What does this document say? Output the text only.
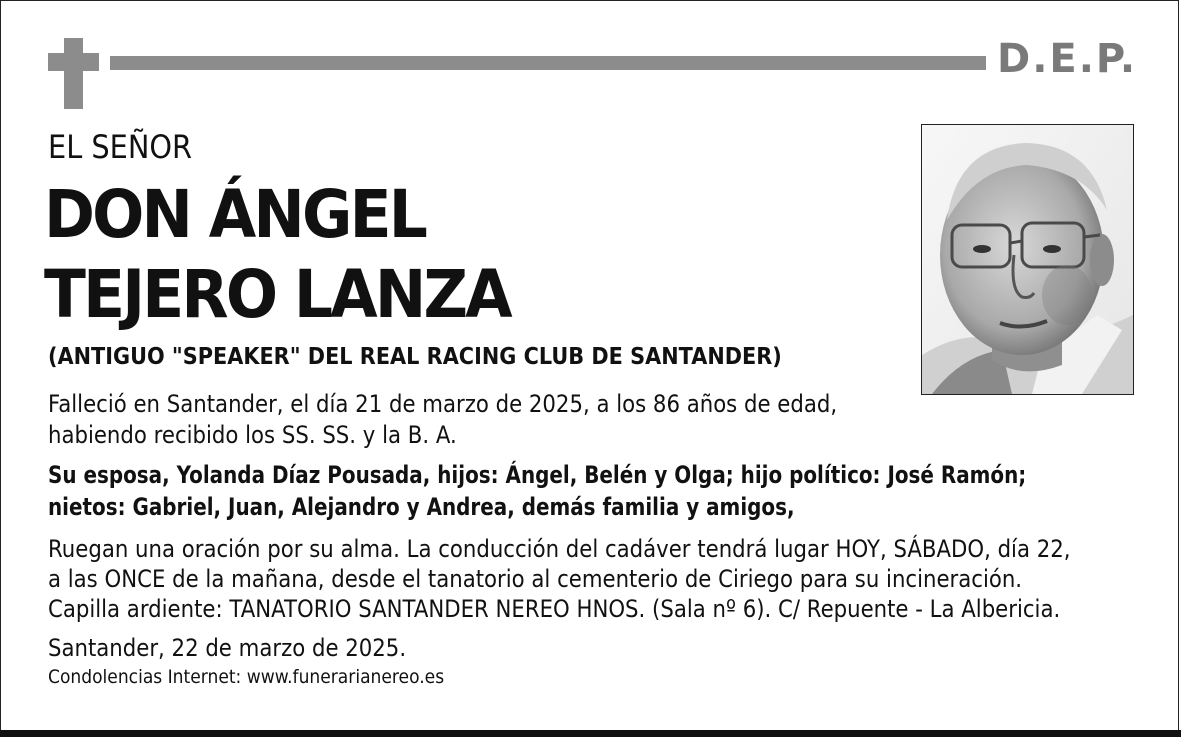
D.E.P.
EL SEÑOR
DON ÁNGEL
TEJERO LANZA
(ANTIGUO "SPEAKER" DEL REAL RACING CLUB DE SANTANDER)
Falleció en Santander, el día 21 de marzo de 2025, a los 86 años de edad,
habiendo recibido los SS. SS. y la B. A.
Su esposa, Yolanda Díaz Pousada, hijos: Ángel, Belén y Olga; hijo político: José Ramón;
nietos: Gabriel, Juan, Alejandro y Andrea, demás familia y amigos,
Ruegan una oración por su alma. La conducción del cadáver tendrá lugar HOY, SÁBADO, día 22,
a las ONCE de la mañana, desde el tanatorio al cementerio de Ciriego para su incineración.
Capilla ardiente: TANATORIO SANTANDER NEREO HNOS. (Sala nº 6). C/ Repuente - La Albericia.
Santander, 22 de marzo de 2025.
Condolencias Internet: www.funerarianereo.es
